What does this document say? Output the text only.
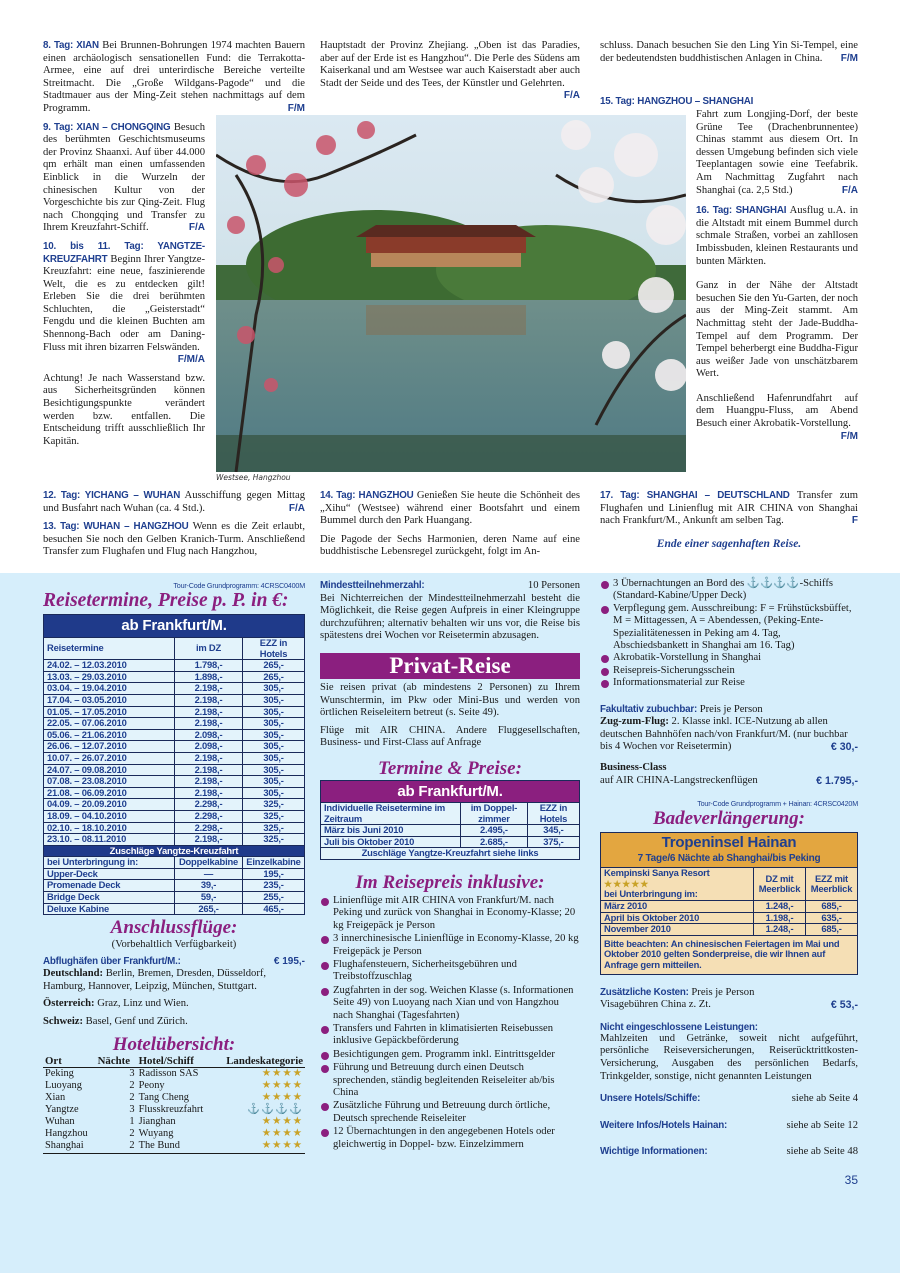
8. Tag: XIAN Bei Brunnen-Bohrungen 1974 machten Bauern einen archäologisch sensationellen Fund: die Terrakotta-Armee, eine auf drei unterirdische Bereiche verteilte Streitmacht. Die „Große Wildgans-Pagode“ und die Stadtmauer aus der Ming-Zeit stehen nachmittags auf dem Programm.	F/M
9. Tag: XIAN – CHONGQING Besuch des berühmten Geschichtsmuseums der Provinz Shaanxi. Auf über 44.000 qm erhält man einen umfassenden Einblick in die Wurzeln der chinesischen Kultur von der Vorgeschichte bis zur Qing-Zeit. Flug nach Chongqing und Transfer zu Ihrem Kreuzfahrt-Schiff.	F/A
10. bis 11. Tag: YANGTZE-KREUZFAHRT Beginn Ihrer Yangtze-Kreuzfahrt: eine neue, faszinierende Welt, die es zu entdecken gilt! Erleben Sie die drei berühmten Schluchten, die „Geisterstadt“ Fengdu und die kleinen Buchten am Shennong-Bach oder am Daning-Fluss mit ihren bizarren Felswänden.
F/M/A
Achtung! Je nach Wasserstand bzw. aus Sicherheitsgründen können Besichtigungspunkte verändert werden bzw. entfallen. Die Entscheidung trifft ausschließlich Ihr Kapitän.
12. Tag: YICHANG – WUHAN Ausschiffung gegen Mittag und Busfahrt nach Wuhan (ca. 4 Std.).	F/A
13. Tag: WUHAN – HANGZHOU Wenn es die Zeit erlaubt, besuchen Sie noch den Gelben Kranich-Turm. Anschließend Transfer zum Flughafen und Flug nach Hangzhou,
Hauptstadt der Provinz Zhejiang. „Oben ist das Paradies, aber auf der Erde ist es Hangzhou“. Die Perle des Südens am Kaiserkanal und am Westsee war auch Kaiserstadt aber auch Stadt der Seide und des Tees, der Künstler und Gelehrten.
F/A
14. Tag: HANGZHOU Genießen Sie heute die Schönheit des „Xihu“ (Westsee) während einer Bootsfahrt und einem Bummel durch den Park Huangang.
Die Pagode der Sechs Harmonien, deren Name auf eine buddhistische Lebensregel zurückgeht, folgt im An-
schluss. Danach besuchen Sie den Ling Yin Si-Tempel, eine der bedeutendsten buddhistischen Anlagen in China. F/M
15. Tag: HANGZHOU – SHANGHAI
Fahrt zum Longjing-Dorf, der beste Grüne Tee (Drachenbrunnentee) Chinas stammt aus diesem Ort. In dessen Umgebung befinden sich viele Teeplantagen sowie eine Teefabrik. Am Nachmittag Zugfahrt nach Shanghai (ca. 2,5 Std.)	F/A
16. Tag: SHANGHAI Ausflug u.A. in die Altstadt mit einem Bummel durch schmale Straßen, vorbei an zahllosen Imbissbuden, kleinen Restaurants und bunten Märkten.
Ganz in der Nähe der Altstadt besuchen Sie den Yu-Garten, der noch aus der Ming-Zeit stammt. Am Nachmittag steht der Jade-Buddha-Tempel auf dem Programm. Der Tempel beherbergt eine Buddha-Figur aus weißer Jade von unschätzbarem Wert.
Anschließend Hafenrundfahrt auf dem Huangpu-Fluss, am Abend Besuch einer Akrobatik-Vorstellung.
F/M
17. Tag: SHANGHAI – DEUTSCHLAND Transfer zum Flughafen und Linienflug mit AIR CHINA von Shanghai nach Frankfurt/M., Ankunft am selben Tag.	F
Ende einer sagenhaften Reise.
Westsee, Hangzhou
Tour-Code Grundprogramm: 4CRSC0400M
Reisetermine, Preise p. P. in €:
ab Frankfurt/M.		
Reisetermine	im DZ	EZZ in Hotels
24.02. – 12.03.2010	1.798,-	265,-
13.03. – 29.03.2010	1.898,-	265,-
03.04. – 19.04.2010	2.198,-	305,-
17.04. – 03.05.2010	2.198,-	305,-
01.05. – 17.05.2010	2.198,-	305,-
22.05. – 07.06.2010	2.198,-	305,-
05.06. – 21.06.2010	2.098,-	305,-
26.06. – 12.07.2010	2.098,-	305,-
10.07. – 26.07.2010	2.198,-	305,-
24.07. – 09.08.2010	2.198,-	305,-
07.08. – 23.08.2010	2.198,-	305,-
21.08. – 06.09.2010	2.198,-	305,-
04.09. – 20.09.2010	2.298,-	325,-
18.09. – 04.10.2010	2.298,-	325,-
02.10. – 18.10.2010	2.298,-	325,-
23.10. – 08.11.2010	2.198,-	325,-
Zuschläge Yangtze-Kreuzfahrt		
bei Unterbringung in:	Doppelkabine	Einzelkabine
Upper-Deck	—	195,-
Promenade Deck	39,-	235,-
Bridge Deck	59,-	255,-
Deluxe Kabine	265,-	465,-
Anschlussflüge:
(Vorbehaltlich Verfügbarkeit)
Abflughäfen über Frankfurt/M.:	€ 195,-
Deutschland: Berlin, Bremen, Dresden, Düsseldorf, Hamburg, Hannover, Leipzig, München, Stuttgart.
Österreich: Graz, Linz und Wien.
Schweiz: Basel, Genf und Zürich.
Hotelübersicht:
Ort	Nächte	Hotel/Schiff	Landeskategorie
Peking	3	Radisson SAS	★★★★
Luoyang	2	Peony	★★★★
Xian	2	Tang Cheng	★★★★
Yangtze	3	Flusskreuzfahrt	⚓⚓⚓⚓
Wuhan	1	Jianghan	★★★★
Hangzhou	2	Wuyang	★★★★
Shanghai	2	The Bund	★★★★
Mindestteilnehmerzahl:	10 Personen
Bei Nichterreichen der Mindestteilnehmerzahl besteht die Möglichkeit, die Reise gegen Aufpreis in einer Kleingruppe durchzuführen; alternativ behalten wir uns vor, die Reise bis spätestens drei Wochen vor Reisetermin abzusagen.
Privat-Reise
Sie reisen privat (ab mindestens 2 Personen) zu Ihrem Wunschtermin, im Pkw oder Mini-Bus und werden von örtlichen Reiseleitern betreut (s. Seite 49).
Flüge mit AIR CHINA. Andere Fluggesellschaften, Business- und First-Class auf Anfrage
Termine & Preise:
ab Frankfurt/M.		
Individuelle Reisetermine im Zeitraum	im Doppel-zimmer	EZZ in Hotels
März bis Juni 2010	2.495,-	345,-
Juli bis Oktober 2010	2.685,-	375,-
Zuschläge Yangtze-Kreuzfahrt siehe links		
Im Reisepreis inklusive:
Linienflüge mit AIR CHINA von Frankfurt/M. nach Peking und zurück von Shanghai in Economy-Klasse; 20 kg Freigepäck je Person
3 innerchinesische Linienflüge in Economy-Klasse, 20 kg Freigepäck je Person
Flughafensteuern, Sicherheitsgebühren und Treibstoffzuschlag
Zugfahrten in der sog. Weichen Klasse (s. Informationen Seite 49) von Luoyang nach Xian und von Hangzhou nach Shanghai (Tagesfahrten)
Transfers und Fahrten in klimatisierten Reisebussen inklusive Gepäckbeförderung
Besichtigungen gem. Programm inkl. Eintrittsgelder
Führung und Betreuung durch einen Deutsch sprechenden, ständig begleitenden Reiseleiter ab/bis China
Zusätzliche Führung und Betreuung durch örtliche, Deutsch sprechende Reiseleiter
12 Übernachtungen in den angegebenen Hotels oder gleichwertig in Doppel- bzw. Einzelzimmern
3 Übernachtungen an Bord des ⚓⚓⚓⚓-Schiffs (Standard-Kabine/Upper Deck)
Verpflegung gem. Ausschreibung: F = Frühstücksbüffet, M = Mittagessen, A = Abendessen, (Peking-Ente-Spezialitätenessen in Peking am 4. Tag, Abschiedsbankett in Shanghai am 16. Tag)
Akrobatik-Vorstellung in Shanghai
Reisepreis-Sicherungsschein
Informationsmaterial zur Reise
Fakultativ zubuchbar: Preis je Person
Zug-zum-Flug: 2. Klasse inkl. ICE-Nutzung ab allen deutschen Bahnhöfen nach/von Frankfurt/M. (nur buchbar bis 4 Wochen vor Reisetermin)	€ 30,-
Business-Class
auf AIR CHINA-Langstreckenflügen	€ 1.795,-
Tour-Code Grundprogramm + Hainan: 4CRSC0420M
Badeverlängerung:
Tropeninsel Hainan
7 Tage/6 Nächte ab Shanghai/bis Peking		

Kempinski Sanya Resort ★★★★★
bei Unterbringung im:	DZ mit Meerblick	EZZ mit Meerblick
März 2010	1.248,-	685,-
April bis Oktober 2010	1.198,-	635,-
November 2010	1.248,-	685,-
Bitte beachten: An chinesischen Feiertagen im Mai und Oktober 2010 gelten Sonderpreise, die wir Ihnen auf Anfrage gern mitteilen.		
Zusätzliche Kosten: Preis je Person
Visagebühren China z. Zt.	€ 53,-
Nicht eingeschlossene Leistungen:
Mahlzeiten und Getränke, soweit nicht aufgeführt, persönliche Reiseversicherungen, Reiserücktrittkosten-Versicherung, Ausgaben des persönlichen Bedarfs, Trinkgelder, sonstige, nicht genannten Leistungen
Unsere Hotels/Schiffe:	siehe ab Seite 4
Weitere Infos/Hotels Hainan:	siehe ab Seite 12
Wichtige Informationen:	siehe ab Seite 48
35
